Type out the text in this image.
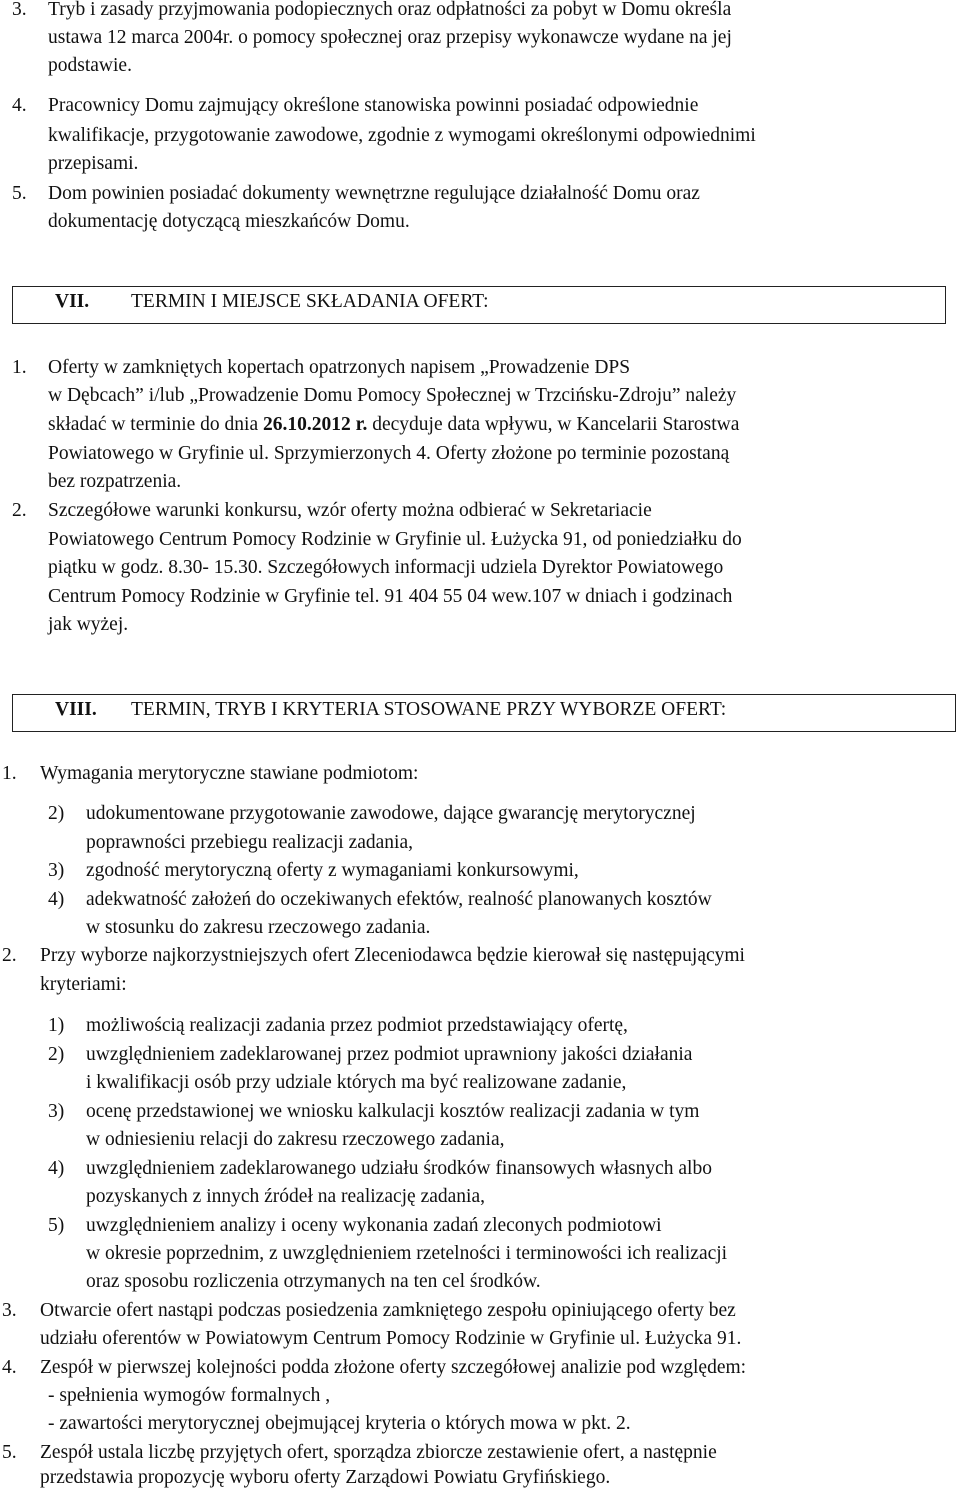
3. Tryb i zasady przyjmowania podopiecznych oraz odpłatności za pobyt w Domu określa
ustawa 12 marca 2004r. o pomocy społecznej oraz przepisy wykonawcze wydane na jej
podstawie.
4. Pracownicy Domu zajmujący określone stanowiska powinni posiadać odpowiednie
kwalifikacje, przygotowanie zawodowe, zgodnie z wymogami określonymi odpowiednimi
przepisami.
5. Dom powinien posiadać dokumenty wewnętrzne regulujące działalność Domu oraz
dokumentację dotyczącą mieszkańców Domu.
VII. TERMIN I MIEJSCE SKŁADANIA OFERT:
1. Oferty w zamkniętych kopertach opatrzonych napisem „Prowadzenie DPS
w Dębcach” i/lub „Prowadzenie Domu Pomocy Społecznej w Trzcińsku-Zdroju” należy
składać w terminie do dnia 26.10.2012 r. decyduje data wpływu, w Kancelarii Starostwa
Powiatowego w Gryfinie ul. Sprzymierzonych 4. Oferty złożone po terminie pozostaną
bez rozpatrzenia.
2. Szczegółowe warunki konkursu, wzór oferty można odbierać w Sekretariacie
Powiatowego Centrum Pomocy Rodzinie w Gryfinie ul. Łużycka 91, od poniedziałku do
piątku w godz. 8.30- 15.30. Szczegółowych informacji udziela Dyrektor Powiatowego
Centrum Pomocy Rodzinie w Gryfinie tel. 91 404 55 04 wew.107 w dniach i godzinach
jak wyżej.
VIII. TERMIN, TRYB I KRYTERIA STOSOWANE PRZY WYBORZE OFERT:
1. Wymagania merytoryczne stawiane podmiotom:
2) udokumentowane przygotowanie zawodowe, dające gwarancję merytorycznej
poprawności przebiegu realizacji zadania,
3) zgodność merytoryczną oferty z wymaganiami konkursowymi,
4) adekwatność założeń do oczekiwanych efektów, realność planowanych kosztów
w stosunku do zakresu rzeczowego zadania.
2. Przy wyborze najkorzystniejszych ofert Zleceniodawca będzie kierował się następującymi
kryteriami:
1) możliwością realizacji zadania przez podmiot przedstawiający ofertę,
2) uwzględnieniem zadeklarowanej przez podmiot uprawniony jakości działania
i kwalifikacji osób przy udziale których ma być realizowane zadanie,
3) ocenę przedstawionej we wniosku kalkulacji kosztów realizacji zadania w tym
w odniesieniu relacji do zakresu rzeczowego zadania,
4) uwzględnieniem zadeklarowanego udziału środków finansowych własnych albo
pozyskanych z innych źródeł na realizację zadania,
5) uwzględnieniem analizy i oceny wykonania zadań zleconych podmiotowi
w okresie poprzednim, z uwzględnieniem rzetelności i terminowości ich realizacji
oraz sposobu rozliczenia otrzymanych na ten cel środków.
3. Otwarcie ofert nastąpi podczas posiedzenia zamkniętego zespołu opiniującego oferty bez
udziału oferentów w Powiatowym Centrum Pomocy Rodzinie w Gryfinie ul. Łużycka 91.
4. Zespół w pierwszej kolejności podda złożone oferty szczegółowej analizie pod względem:
- spełnienia wymogów formalnych ,
- zawartości merytorycznej obejmującej kryteria o których mowa w pkt. 2.
5. Zespół ustala liczbę przyjętych ofert, sporządza zbiorcze zestawienie ofert, a następnie
przedstawia propozycję wyboru oferty Zarządowi Powiatu Gryfińskiego.
